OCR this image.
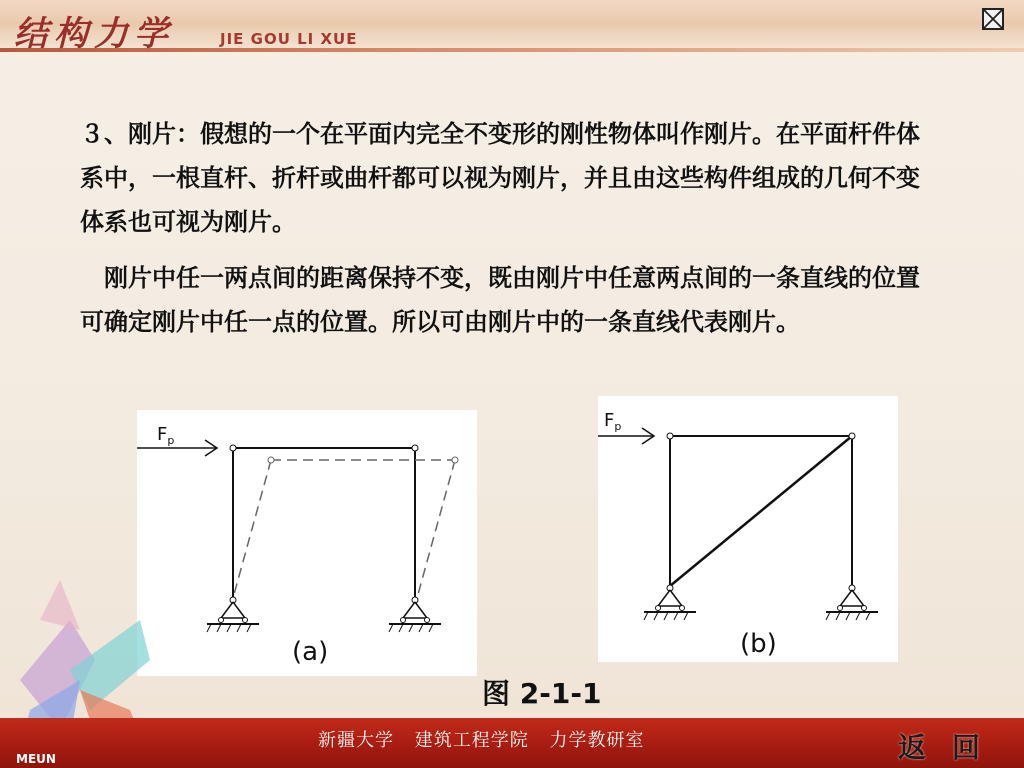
结构力学	JIE GOU LI XUE
３、刚片：假想的一个在平面内完全不变形的刚性物体叫作刚片。在平面杆件体系中，一根直杆、折杆或曲杆都可以视为刚片，并且由这些构件组成的几何不变体系也可视为刚片。
刚片中任一两点间的距离保持不变，既由刚片中任意两点间的一条直线的位置可确定刚片中任一点的位置。所以可由刚片中的一条直线代表刚片。
$F_p$
(a)
$F_p$
(b)
图 2-1-1
新疆大学 建筑工程学院 力学教研室
MEUN	返回
